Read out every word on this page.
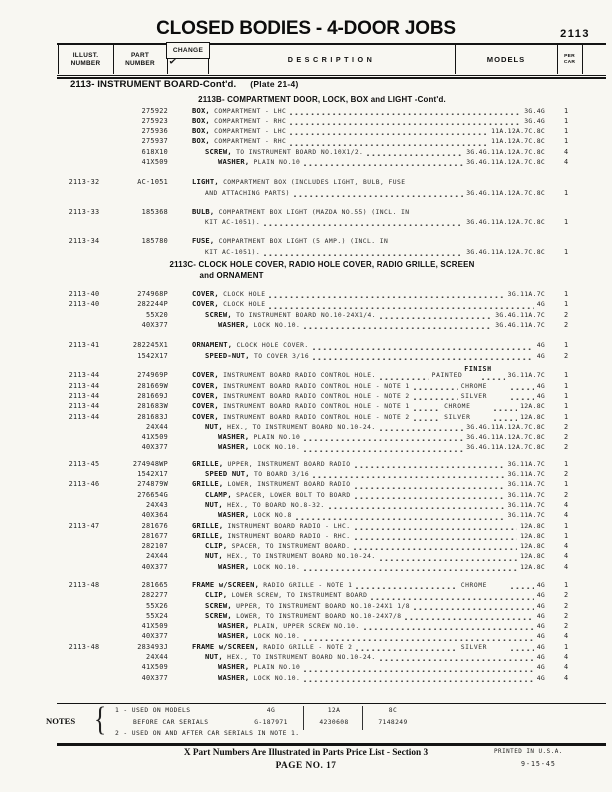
CLOSED BODIES - 4-DOOR JOBS	2113
ILLUST.
NUMBER
PART
NUMBER
CHANGE
✔	DESCRIPTION	MODELS	PER
CAR
2113- INSTRUMENT BOARD-Cont'd. (Plate 21-4)
2113B- COMPARTMENT DOOR, LOCK, BOX and LIGHT -Cont'd.
275922	BOX, COMPARTMENT - LHC	3G.4G	1
275923	BOX, COMPARTMENT - RHC	3G.4G	1
275936	BOX, COMPARTMENT - LHC	11A.12A.7C.8C	1
275937	BOX, COMPARTMENT - RHC	11A.12A.7C.8C	1
618X10	SCREW, TO INSTRUMENT BOARD NO.10X1/2.	3G.4G.11A.12A.7C.8C	4
41X509	WASHER, PLAIN NO.10	3G.4G.11A.12A.7C.8C	4
2113-32	AC-1051	LIGHT, COMPARTMENT BOX (INCLUDES LIGHT, BULB, FUSE
AND ATTACHING PARTS)	3G.4G.11A.12A.7C.8C	1
2113-33	185368	BULB, COMPARTMENT BOX LIGHT (MAZDA NO.55) (INCL. IN
KIT AC-1051).	3G.4G.11A.12A.7C.8C	1
2113-34	185780	FUSE, COMPARTMENT BOX LIGHT (5 AMP.) (INCL. IN
KIT AC-1051).	3G.4G.11A.12A.7C.8C	1
2113C- CLOCK HOLE COVER, RADIO HOLE COVER, RADIO GRILLE, SCREEN
and ORNAMENT
2113-40	274968P	COVER, CLOCK HOLE	3G.11A.7C	1
2113-40	282244P	COVER, CLOCK HOLE	4G	1
55X20	SCREW, TO INSTRUMENT BOARD NO.10-24X1/4.	3G.4G.11A.7C	2
40X377	WASHER, LOCK NO.10.	3G.4G.11A.7C	2
2113-41	282245X1	ORNAMENT, CLOCK HOLE COVER.	4G	1
1542X17	SPEED-NUT, TO COVER 3/16	4G	2
FINISH
2113-44	274969P	COVER, INSTRUMENT BOARD RADIO CONTROL HOLE.	PAINTED	3G.11A.7C	1
2113-44	281669W	COVER, INSTRUMENT BOARD RADIO CONTROL HOLE - NOTE 1	CHROME	4G	1
2113-44	281669J	COVER, INSTRUMENT BOARD RADIO CONTROL HOLE - NOTE 2	SILVER	4G	1
2113-44	281683W	COVER, INSTRUMENT BOARD RADIO CONTROL HOLE - NOTE 1	CHROME	12A.8C	1
2113-44	281683J	COVER, INSTRUMENT BOARD RADIO CONTROL HOLE - NOTE 2	SILVER	12A.8C	1
24X44	NUT, HEX., TO INSTRUMENT BOARD NO.10-24.	3G.4G.11A.12A.7C.8C	2
41X509	WASHER, PLAIN NO.10	3G.4G.11A.12A.7C.8C	2
40X377	WASHER, LOCK NO.10.	3G.4G.11A.12A.7C.8C	2
2113-45	274948WP	GRILLE, UPPER, INSTRUMENT BOARD RADIO	3G.11A.7C	1
1542X17	SPEED NUT, TO BOARD 3/16	3G.11A.7C	2
2113-46	274879W	GRILLE, LOWER, INSTRUMENT BOARD RADIO	3G.11A.7C	1
276654G	CLAMP, SPACER, LOWER BOLT TO BOARD	3G.11A.7C	2
24X43	NUT, HEX., TO BOARD NO.8-32.	3G.11A.7C	4
40X364	WASHER, LOCK NO.8	3G.11A.7C	4
2113-47	281676	GRILLE, INSTRUMENT BOARD RADIO - LHC.	12A.8C	1
281677	GRILLE, INSTRUMENT BOARD RADIO - RHC.	12A.8C	1
282107	CLIP, SPACER, TO INSTRUMENT BOARD.	12A.8C	4
24X44	NUT, HEX., TO INSTRUMENT BOARD NO.10-24.	12A.8C	4
40X377	WASHER, LOCK NO.10.	12A.8C	4
2113-48	281665	FRAME w/SCREEN, RADIO GRILLE - NOTE 1	CHROME	4G	1
282277	CLIP, LOWER SCREW, TO INSTRUMENT BOARD	4G	2
55X26	SCREW, UPPER, TO INSTRUMENT BOARD NO.10-24X1 1/8	4G	2
55X24	SCREW, LOWER, TO INSTRUMENT BOARD NO.10-24X7/8	4G	2
41X509	WASHER, PLAIN, UPPER SCREW NO.10.	4G	2
40X377	WASHER, LOCK NO.10.	4G	4
2113-48	283493J	FRAME w/SCREEN, RADIO GRILLE - NOTE 2	SILVER	4G	1
24X44	NUT, HEX., TO INSTRUMENT BOARD NO.10-24.	4G	4
41X509	WASHER, PLAIN NO.10	4G	4
40X377	WASHER, LOCK NO.10.	4G	4
NOTES { 1 - USED ON MODELS
BEFORE CAR SERIALS
2 - USED ON AND AFTER CAR SERIALS IN NOTE 1.
4G
G-187971
12A
4230608
8C
7148249
X Part Numbers Are Illustrated in Parts Price List - Section 3
PAGE NO. 17
PRINTED IN U.S.A.
9-15-45
